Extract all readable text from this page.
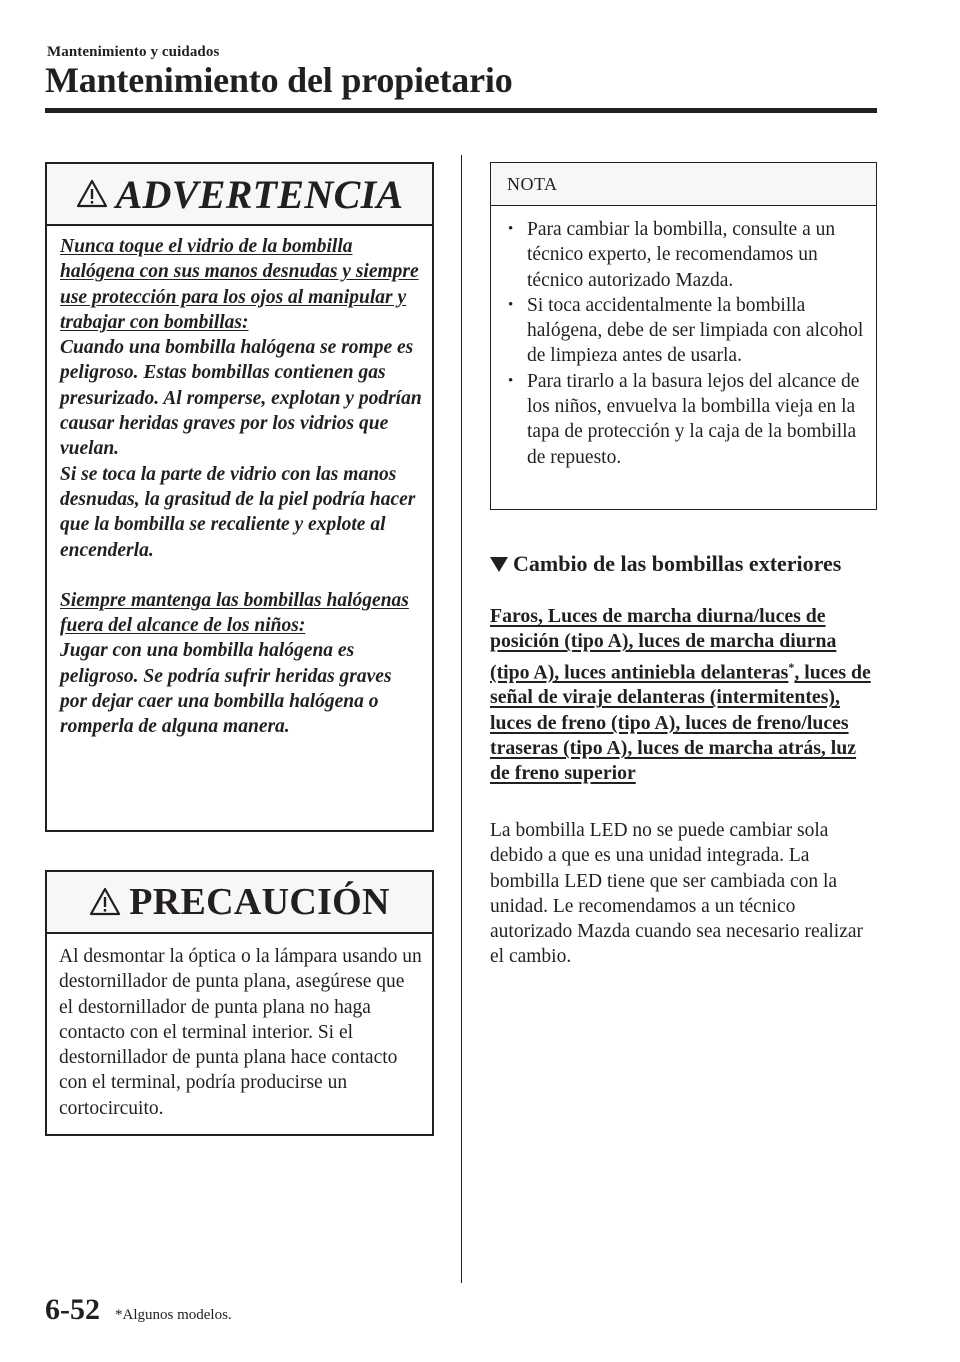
Mantenimiento y cuidados
Mantenimiento del propietario
ADVERTENCIA

Nunca toque el vidrio de la bombilla halógena con sus manos desnudas y siempre use protección para los ojos al manipular y trabajar con bombillas:

Cuando una bombilla halógena se rompe es peligroso. Estas bombillas contienen gas presurizado. Al romperse, explotan y podrían causar heridas graves por los vidrios que vuelan.

Si se toca la parte de vidrio con las manos desnudas, la grasitud de la piel podría hacer que la bombilla se recaliente y explote al encenderla.

Siempre mantenga las bombillas halógenas fuera del alcance de los niños:

Jugar con una bombilla halógena es peligroso. Se podría sufrir heridas graves por dejar caer una bombilla halógena o romperla de alguna manera.

PRECAUCIÓN
Al desmontar la óptica o la lámpara usando un destornillador de punta plana, asegúrese que el destornillador de punta plana no haga contacto con el terminal interior. Si el destornillador de punta plana hace contacto con el terminal, podría producirse un cortocircuito.
NOTA
• Para cambiar la bombilla, consulte a un técnico experto, le recomendamos un técnico autorizado Mazda.
• Si toca accidentalmente la bombilla halógena, debe de ser limpiada con alcohol de limpieza antes de usarla.
• Para tirarlo a la basura lejos del alcance de los niños, envuelva la bombilla vieja en la tapa de protección y la caja de la bombilla de repuesto.
Cambio de las bombillas exteriores
Faros, Luces de marcha diurna/luces de posición (tipo A), luces de marcha diurna (tipo A), luces antiniebla delanteras*, luces de señal de viraje delanteras (intermitentes), luces de freno (tipo A), luces de freno/luces traseras (tipo A), luces de marcha atrás, luz de freno superior
La bombilla LED no se puede cambiar sola debido a que es una unidad integrada. La bombilla LED tiene que ser cambiada con la unidad. Le recomendamos a un técnico autorizado Mazda cuando sea necesario realizar el cambio.
6-52 *Algunos modelos.
